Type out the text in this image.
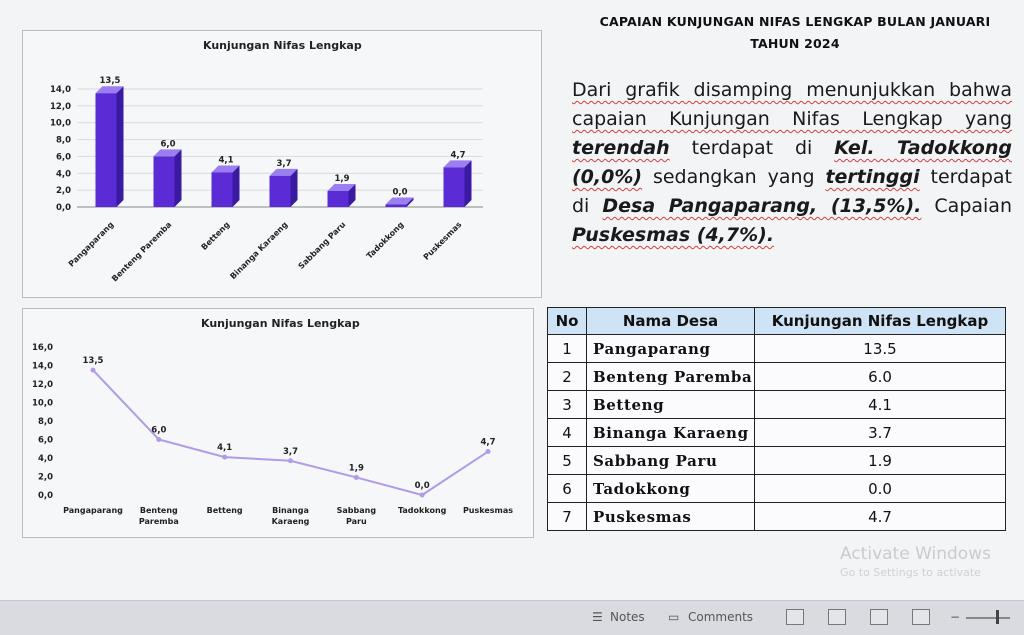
Kunjungan Nifas Lengkap
0,0
2,0
4,0
6,0
8,0
10,0
12,0
14,0
13,5
Pangaparang
6,0
Benteng Paremba
4,1
Betteng
3,7
Binanga Karaeng
1,9
Sabbang Paru
0,0
Tadokkong
4,7
Puskesmas
Kunjungan Nifas Lengkap
0,0
2,0
4,0
6,0
8,0
10,0
12,0
14,0
16,0
13,5
Pangaparang
6,0
Benteng
Paremba
4,1
Betteng
3,7
Binanga
Karaeng
1,9
Sabbang
Paru
0,0
Tadokkong
4,7
Puskesmas
CAPAIAN KUNJUNGAN NIFAS LENGKAP BULAN JANUARI
TAHUN 2024
Dari grafik disamping menunjukkan bahwa capaian Kunjungan Nifas Lengkap yang terendah terdapat di Kel. Tadokkong (0,0%) sedangkan yang tertinggi terdapat di Desa Pangaparang, (13,5%). Capaian Puskesmas (4,7%).
No	Nama Desa	Kunjungan Nifas Lengkap
1	Pangaparang	13.5
2	Benteng Paremba	6.0
3	Betteng	4.1
4	Binanga Karaeng	3.7
5	Sabbang Paru	1.9
6	Tadokkong	0.0
7	Puskesmas	4.7
Activate Windows
Go to Settings to activate
☰ Notes ▭ Comments	−
